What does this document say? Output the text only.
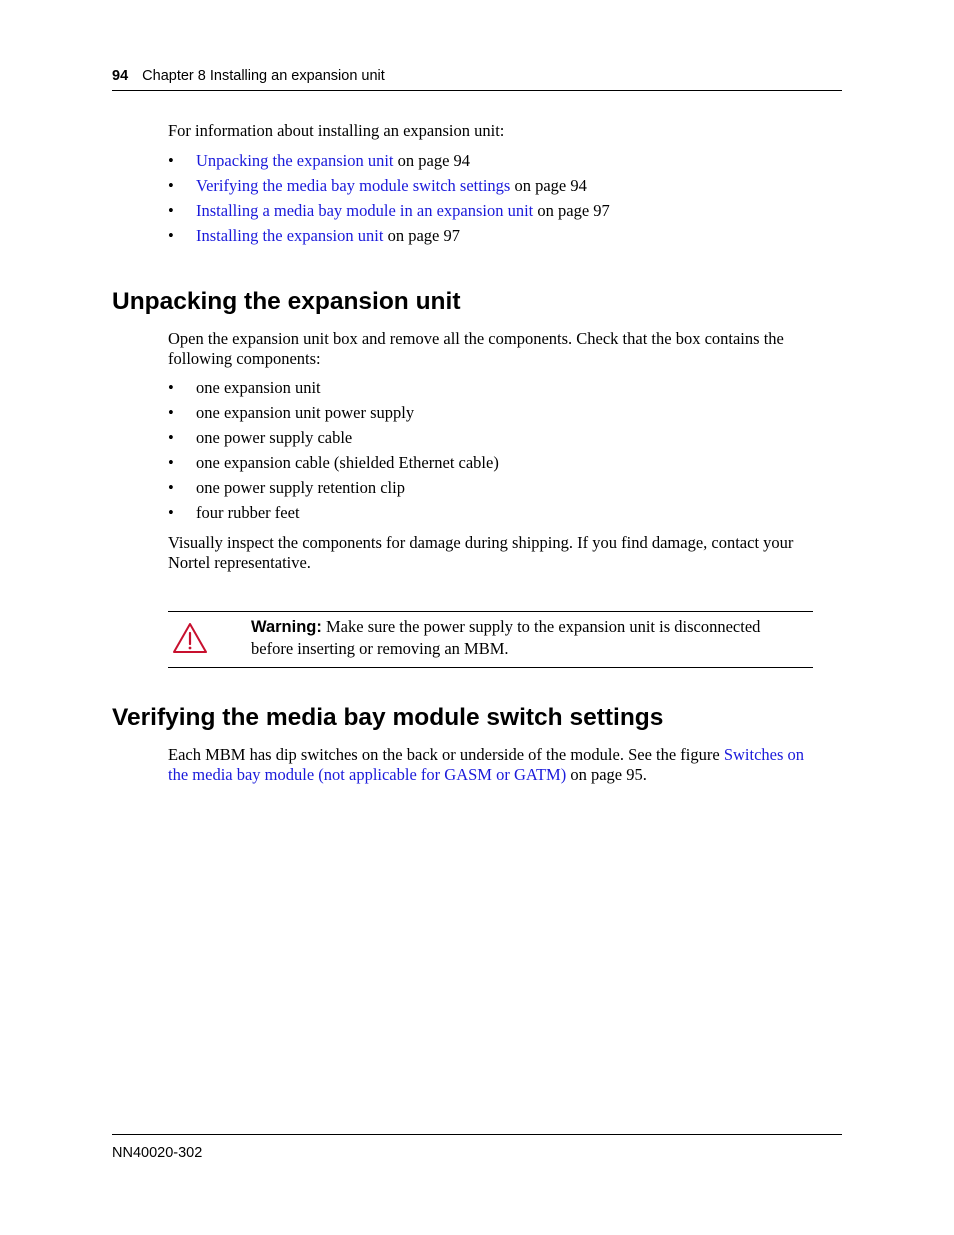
94 Chapter 8 Installing an expansion unit
For information about installing an expansion unit:
• Unpacking the expansion unit on page 94
• Verifying the media bay module switch settings on page 94
• Installing a media bay module in an expansion unit on page 97
• Installing the expansion unit on page 97
Unpacking the expansion unit
Open the expansion unit box and remove all the components. Check that the box contains the following components:
• one expansion unit
• one expansion unit power supply
• one power supply cable
• one expansion cable (shielded Ethernet cable)
• one power supply retention clip
• four rubber feet
Visually inspect the components for damage during shipping. If you find damage, contact your Nortel representative.
Warning: Make sure the power supply to the expansion unit is disconnected before inserting or removing an MBM.
Verifying the media bay module switch settings
Each MBM has dip switches on the back or underside of the module. See the figure Switches on the media bay module (not applicable for GASM or GATM) on page 95.
NN40020-302
